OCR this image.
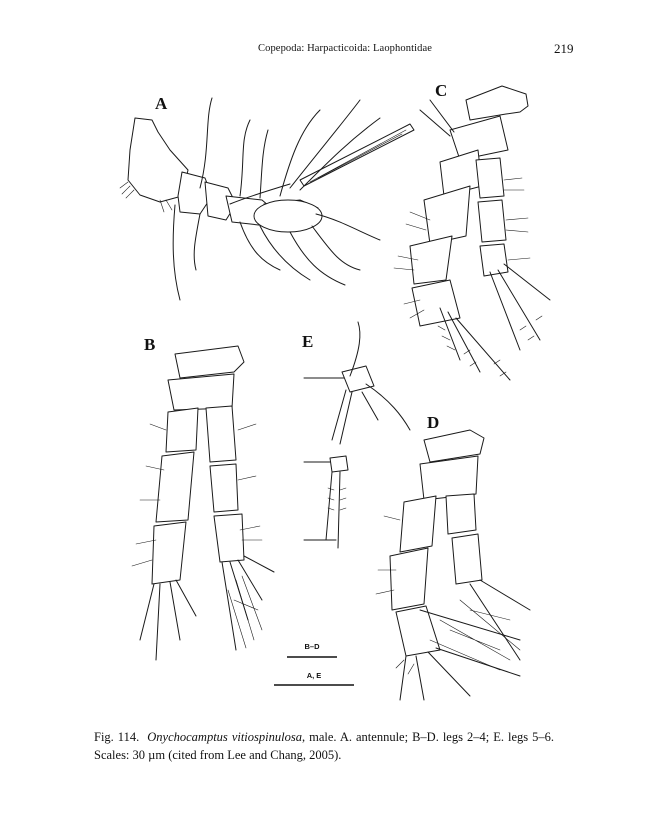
Copepoda: Harpacticoida: Laophontidae	219
A
C
B	E
D
B–D
A, E
Fig. 114. Onychocamptus vitiospinulosa, male. A. antennule; B–D. legs 2–4; E. legs 5–6. Scales: 30 µm (cited from Lee and Chang, 2005).
